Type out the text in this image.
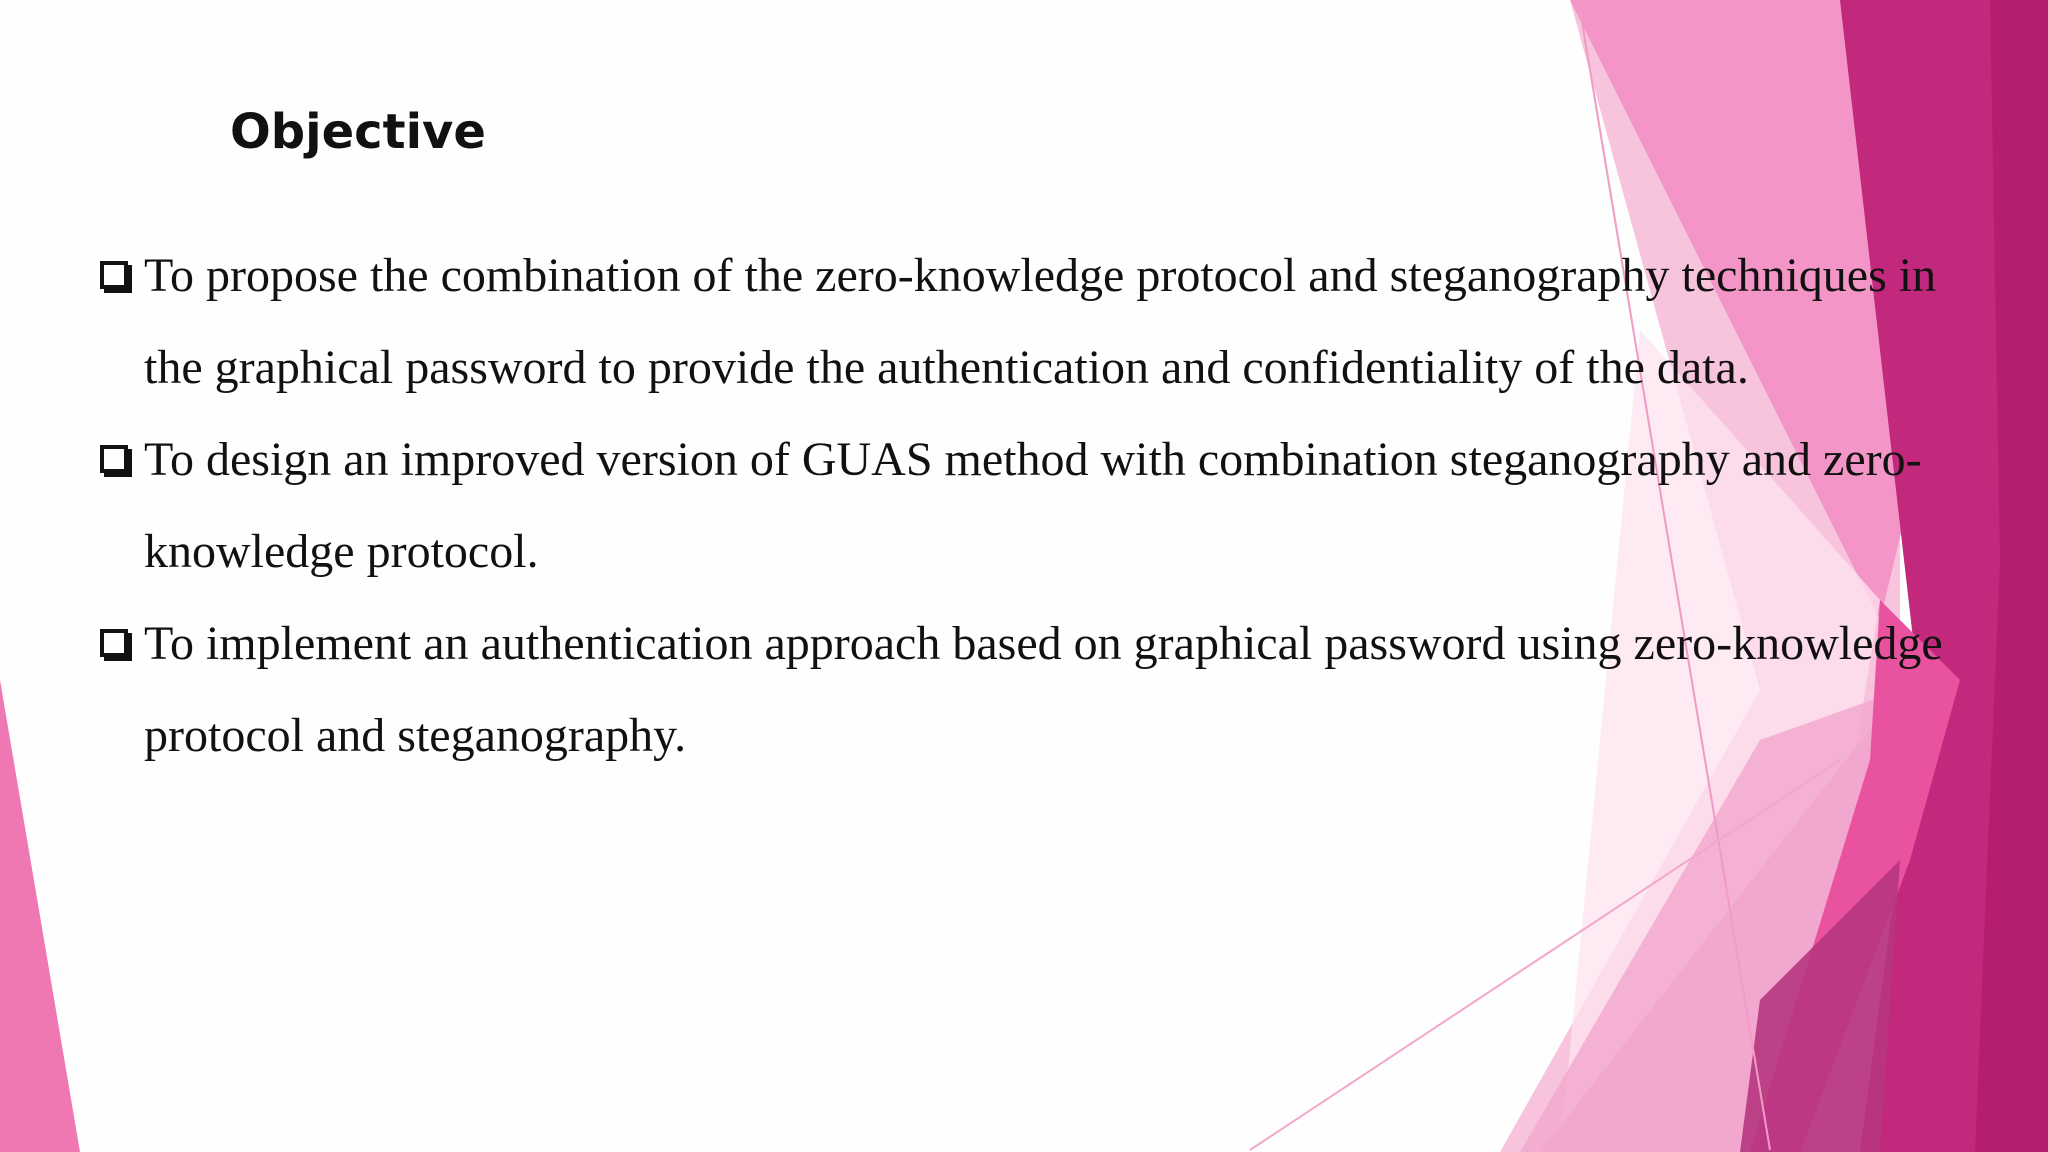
Objective
To propose the combination of the zero-knowledge protocol and steganography techniques in the graphical password to provide the authentication and confidentiality of the data.
To design an improved version of GUAS method with combination steganography and zero-knowledge protocol.
To implement an authentication approach based on graphical password using zero-knowledge protocol and steganography.
